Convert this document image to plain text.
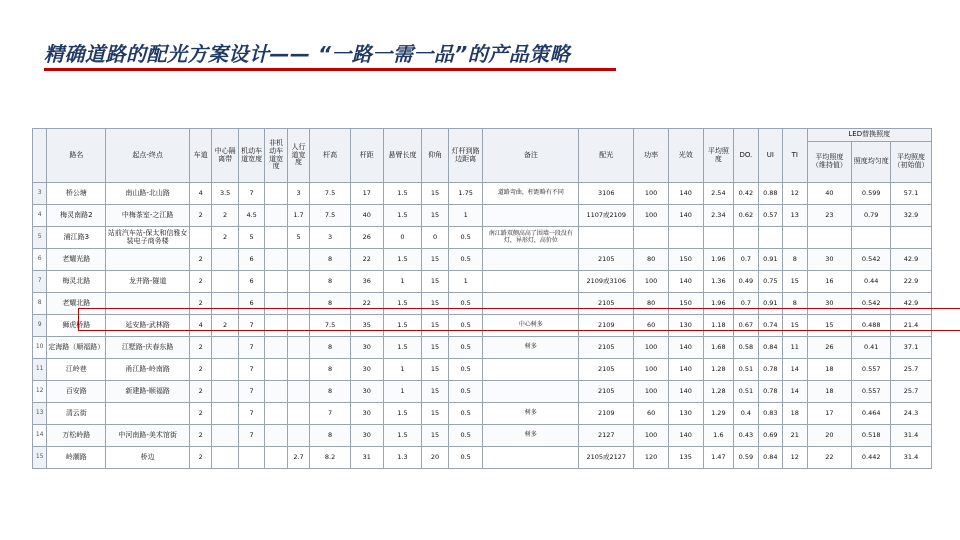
精确道路的配光方案设计—— “一路一需一品”的产品策略
	路名	起点-终点	车道	中心隔离带	机动车道宽度	非机动车道宽度	人行道宽度	杆高	杆距	悬臂长度	仰角	灯杆到路边距离	备注	配光	功率	光效	平均照度	DO.	UI	TI	LED替换照度		
																					平均照度（维持值）	照度均匀度	平均照度（初始值）
3	桥公塘	南山路-北山路	4	3.5	7		3	7.5	17	1.5	15	1.75	道路弯曲，杆距略有不同	3106	100	140	2.54	0.42	0.88	12	40	0.599	57.1
4	梅灵南路2	中梅茶室-之江路	2	2	4.5		1.7	7.5	40	1.5	15	1		1107或2109	100	140	2.34	0.62	0.57	13	23	0.79	32.9
5	浦江路3	站前汽车站-保太和信雅女装电子商务楼		2	5		5	3	26	0	0	0.5	南江路双侧高高了围墙一段没有灯，异形灯，高价位										
6	老耀光路		2		6			8	22	1.5	15	0.5		2105	80	150	1.96	0.7	0.91	8	30	0.542	42.9
7	梅灵北路	龙井路-隧道	2		6			8	36	1	15	1		2109或3106	100	140	1.36	0.49	0.75	15	16	0.44	22.9
8	老耀北路		2		6			8	22	1.5	15	0.5		2105	80	150	1.96	0.7	0.91	8	30	0.542	42.9
9	狮虎桥路	延安路-武林路	4	2	7			7.5	35	1.5	15	0.5	中心树多	2109	60	130	1.18	0.67	0.74	15	15	0.488	21.4
10	定海路（顺福路）	江墅路-庆春东路	2		7			8	30	1.5	15	0.5	树多	2105	100	140	1.68	0.58	0.84	11	26	0.41	37.1
11	江岭巷	甬江路-岭南路	2		7			8	30	1	15	0.5		2105	100	140	1.28	0.51	0.78	14	18	0.557	25.7
12	百安路	新建路-顺福路	2		7			8	30	1	15	0.5		2105	100	140	1.28	0.51	0.78	14	18	0.557	25.7
13	清云街		2		7			7	30	1.5	15	0.5	树多	2109	60	130	1.29	0.4	0.83	18	17	0.464	24.3
14	万松岭路	中河南路-美术馆街	2		7			8	30	1.5	15	0.5	树多	2127	100	140	1.6	0.43	0.69	21	20	0.518	31.4
15	岭潮路	桥边	2				2.7	8.2	31	1.3	20	0.5		2105或2127	120	135	1.47	0.59	0.84	12	22	0.442	31.4
